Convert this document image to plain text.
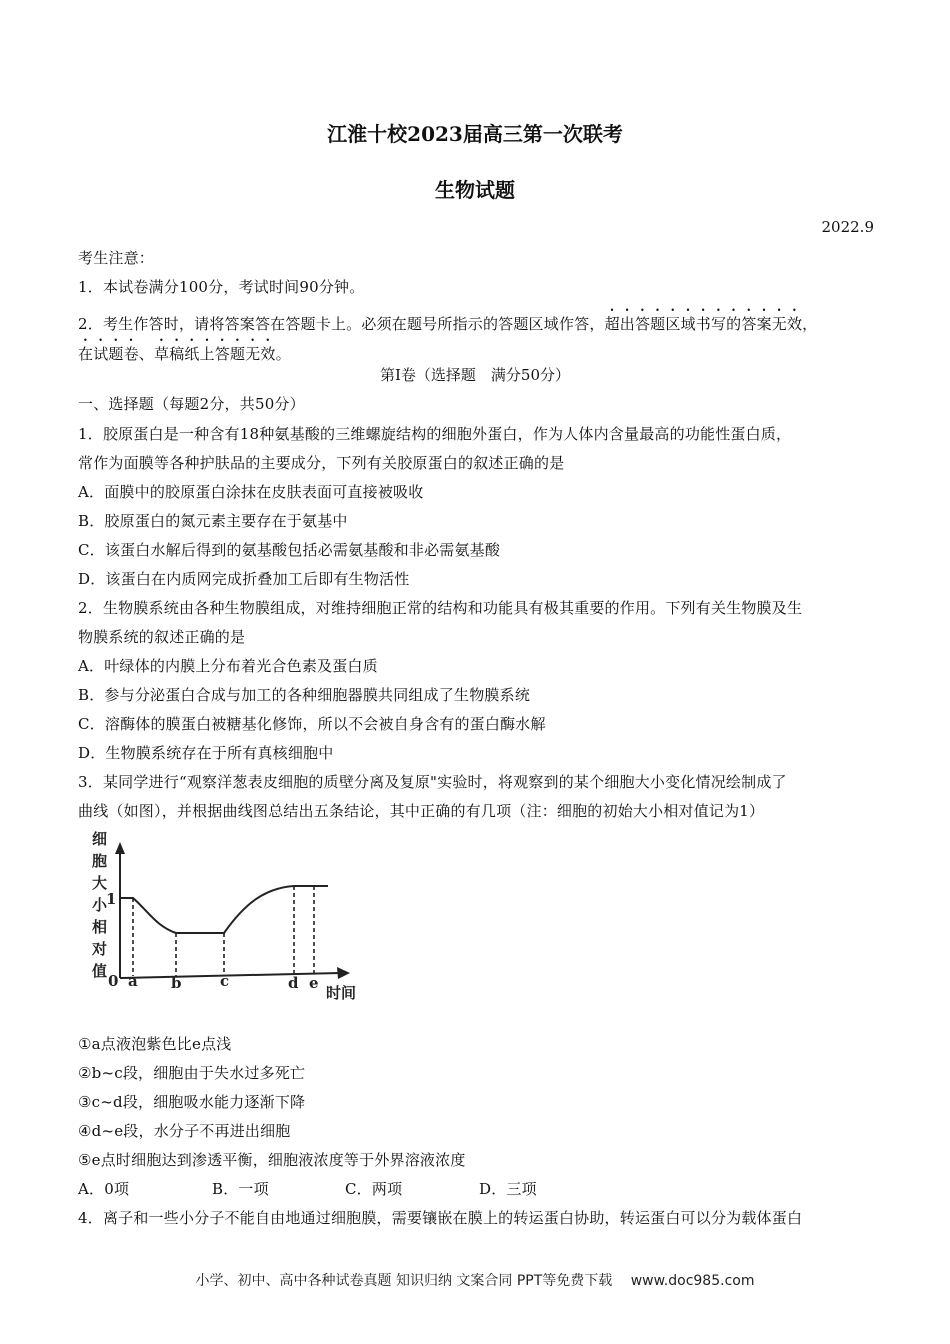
江淮十校2023届高三第一次联考
生物试题
2022.9
考生注意：
1．本试卷满分100分，考试时间90分钟。
2．考生作答时，请将答案答在答题卡上。必须在题号所指示的答题区域作答，超出答题区域书写的答案无效，
在试题卷、草稿纸上答题无效。
第Ⅰ卷（选择题　满分50分）
一、选择题（每题2分，共50分）
1．胶原蛋白是一种含有18种氨基酸的三维螺旋结构的细胞外蛋白，作为人体内含量最高的功能性蛋白质，
常作为面膜等各种护肤品的主要成分，下列有关胶原蛋白的叙述正确的是
A．面膜中的胶原蛋白涂抹在皮肤表面可直接被吸收
B．胶原蛋白的氮元素主要存在于氨基中
C．该蛋白水解后得到的氨基酸包括必需氨基酸和非必需氨基酸
D．该蛋白在内质网完成折叠加工后即有生物活性
2．生物膜系统由各种生物膜组成，对维持细胞正常的结构和功能具有极其重要的作用。下列有关生物膜及生
物膜系统的叙述正确的是
A．叶绿体的内膜上分布着光合色素及蛋白质
B．参与分泌蛋白合成与加工的各种细胞器膜共同组成了生物膜系统
C．溶酶体的膜蛋白被糖基化修饰，所以不会被自身含有的蛋白酶水解
D．生物膜系统存在于所有真核细胞中
3．某同学进行“观察洋葱表皮细胞的质壁分离及复原"实验时，将观察到的某个细胞大小变化情况绘制成了
曲线（如图），并根据曲线图总结出五条结论，其中正确的有几项（注：细胞的初始大小相对值记为1）
细
胞
大
小
相
对
值
1
0 a b	c	d e
时间
①a点液泡紫色比e点浅
②b~c段，细胞由于失水过多死亡
③c~d段，细胞吸水能力逐渐下降
④d~e段，水分子不再进出细胞
⑤e点时细胞达到渗透平衡，细胞液浓度等于外界溶液浓度
A．0项	B．一项	C．两项	D．三项
4．离子和一些小分子不能自由地通过细胞膜，需要镶嵌在膜上的转运蛋白协助，转运蛋白可以分为载体蛋白
小学、初中、高中各种试卷真题 知识归纳 文案合同 PPT等免费下载　 www.doc985.com
